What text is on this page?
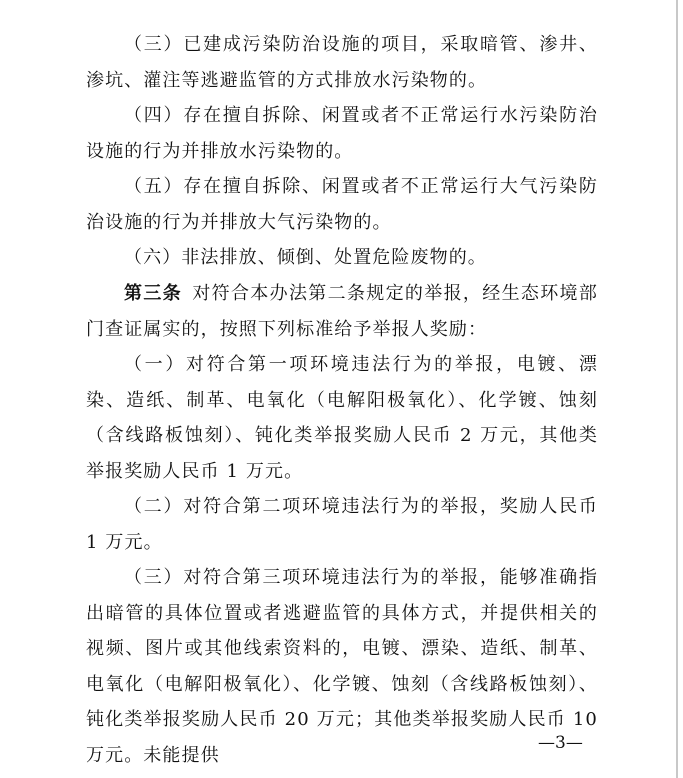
（三）已建成污染防治设施的项目，采取暗管、渗井、渗坑、灌注等逃避监管的方式排放水污染物的。

（四）存在擅自拆除、闲置或者不正常运行水污染防治设施的行为并排放水污染物的。

（五）存在擅自拆除、闲置或者不正常运行大气污染防治设施的行为并排放大气污染物的。

（六）非法排放、倾倒、处置危险废物的。

第三条  对符合本办法第二条规定的举报，经生态环境部门查证属实的，按照下列标准给予举报人奖励：

（一）对符合第一项环境违法行为的举报，电镀、漂染、造纸、制革、电氧化（电解阳极氧化）、化学镀、蚀刻（含线路板蚀刻）、钝化类举报奖励人民币 2 万元，其他类举报奖励人民币 1 万元。

（二）对符合第二项环境违法行为的举报，奖励人民币 1 万元。

（三）对符合第三项环境违法行为的举报，能够准确指出暗管的具体位置或者逃避监管的具体方式，并提供相关的视频、图片或其他线索资料的，电镀、漂染、造纸、制革、电氧化（电解阳极氧化）、化学镀、蚀刻（含线路板蚀刻）、钝化类举报奖励人民币 20 万元；其他类举报奖励人民币 10 万元。未能提供

—3—
